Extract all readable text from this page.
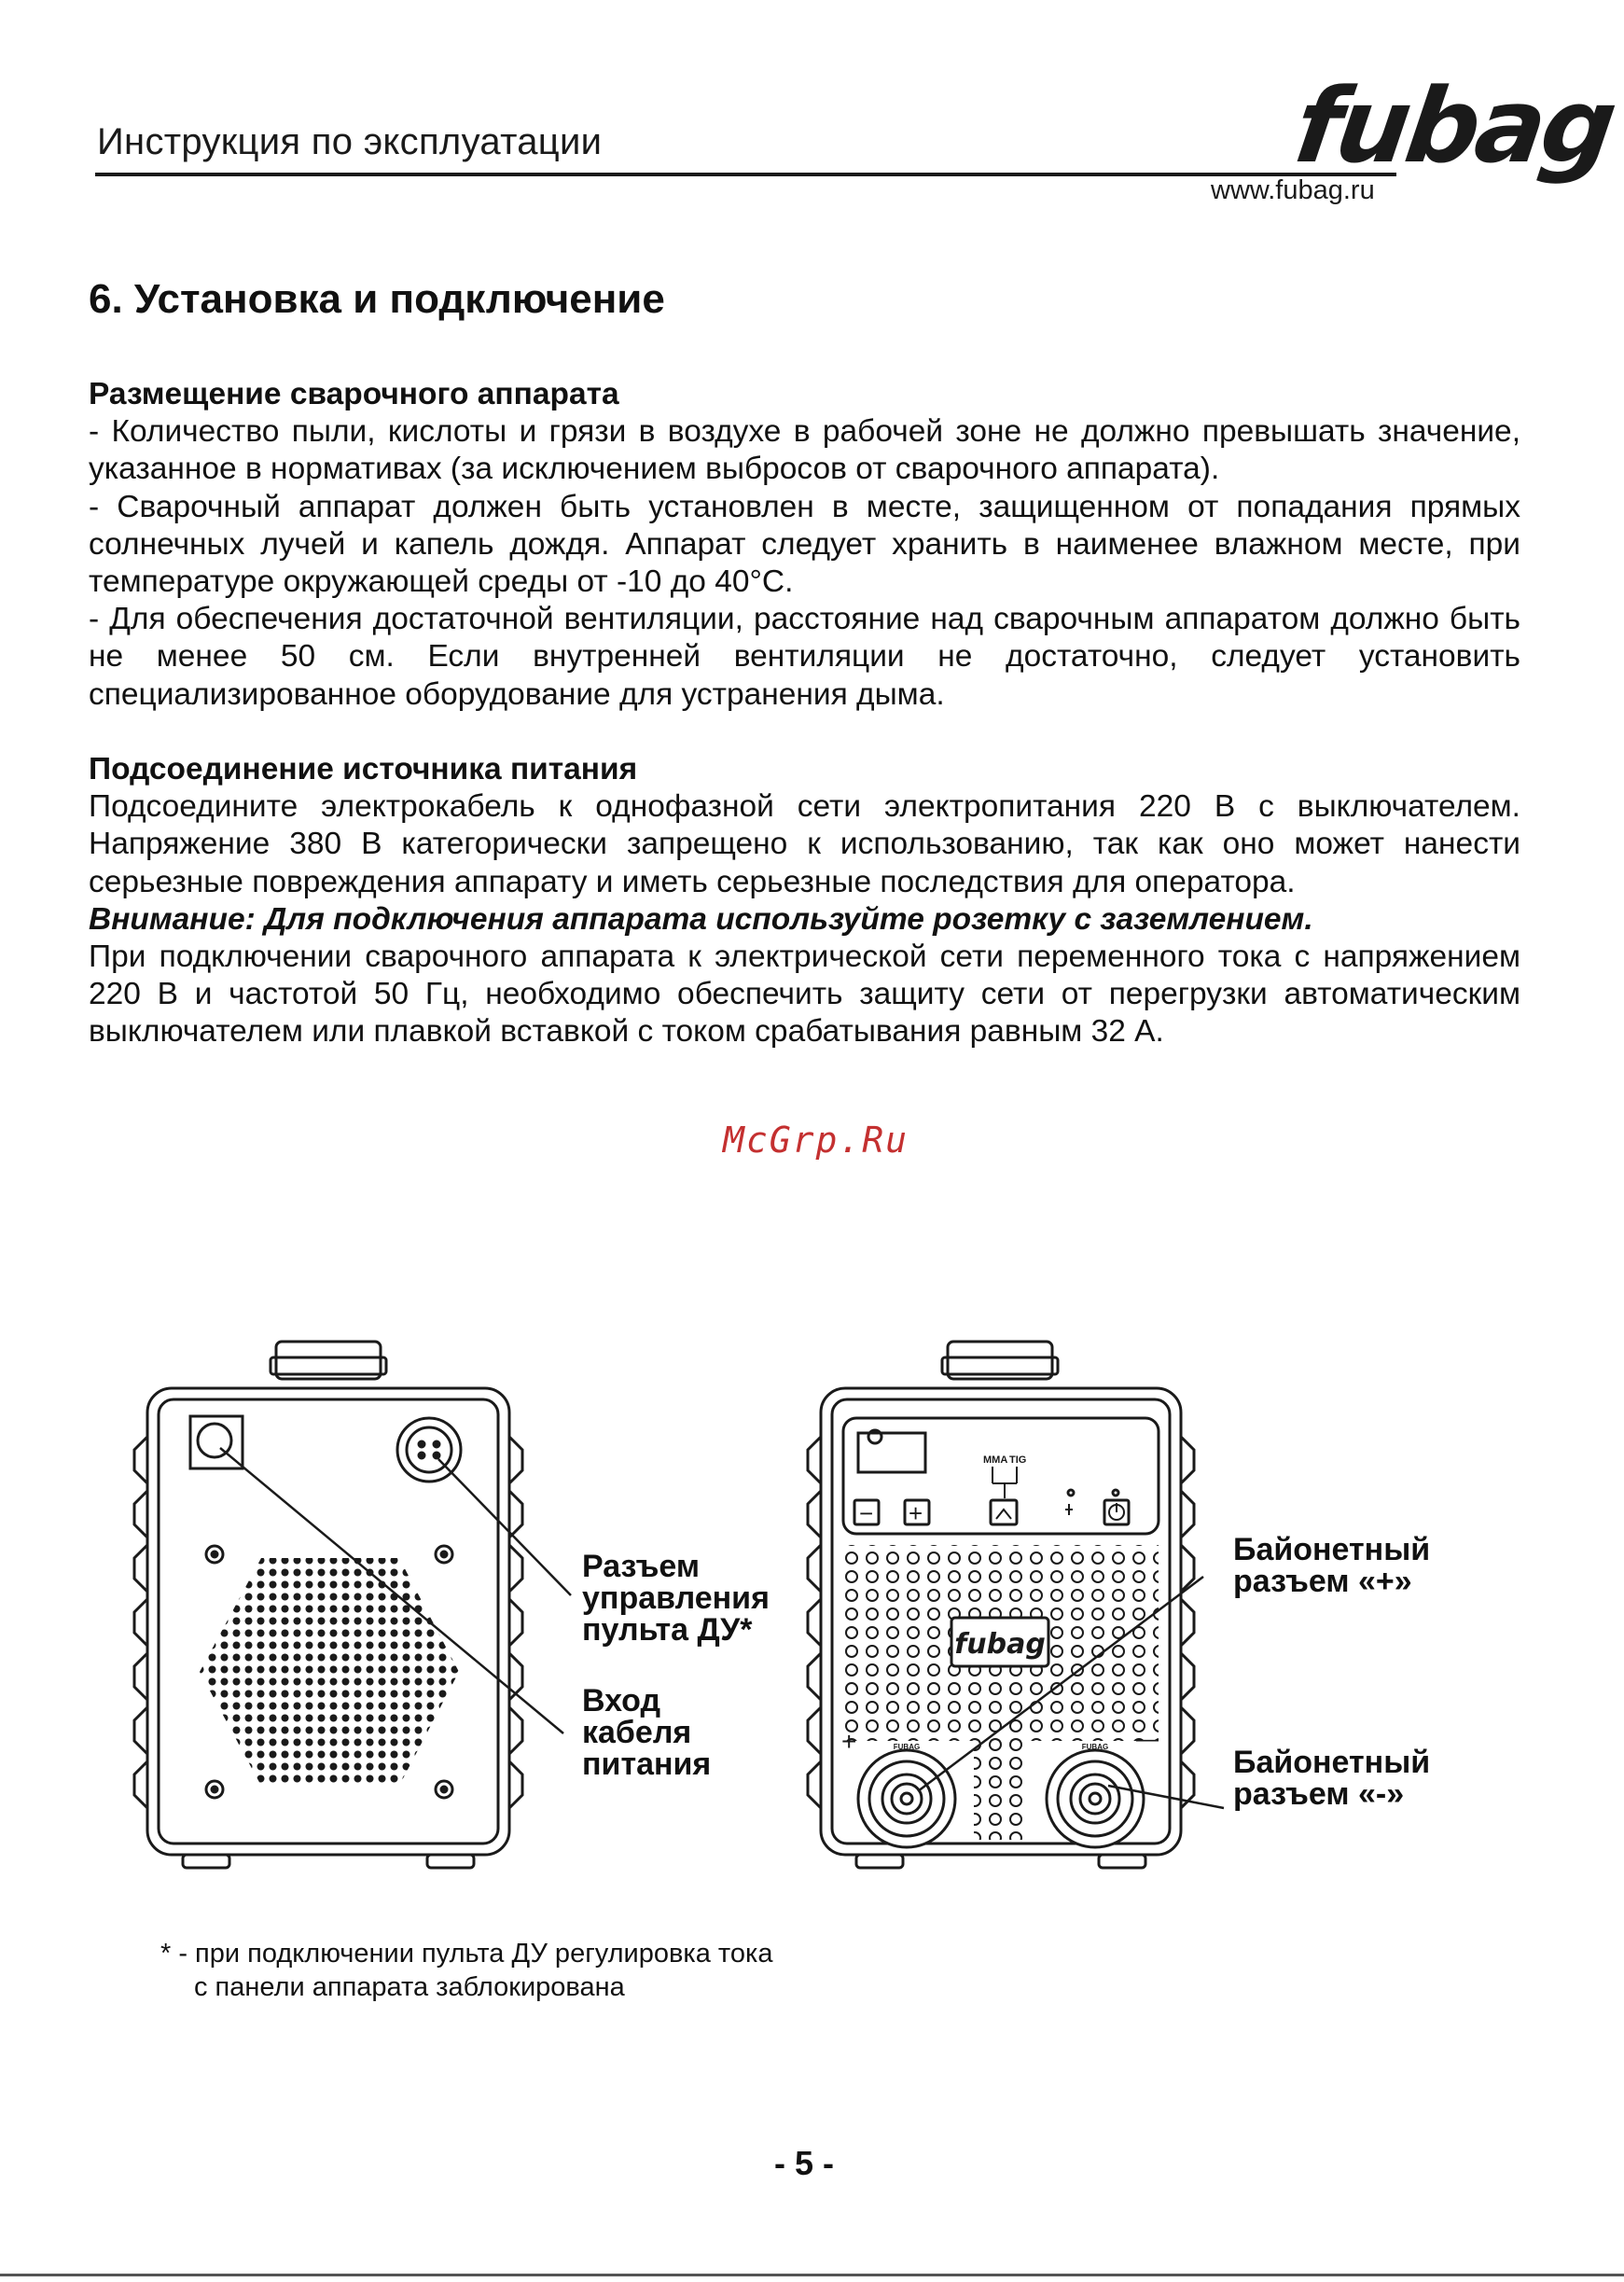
Инструкция по эксплуатации	fubag
www.fubag.ru
6. Установка и подключение

Размещение сварочного аппарата

- Количество пыли, кислоты и грязи в воздухе в рабочей зоне не должно превышать значение, указанное в нормативах (за исключением выбросов от сварочного аппарата).

- Сварочный аппарат должен быть установлен в месте, защищенном от попадания прямых солнечных лучей и капель дождя. Аппарат следует хранить в наименее влажном месте, при температуре окружающей среды от -10 до 40°С.

- Для обеспечения достаточной вентиляции, расстояние над сварочным аппаратом должно быть не менее 50 см. Если внутренней вентиляции не достаточно, следует установить специализированное оборудование для устранения дыма.

Подсоединение источника питания

Подсоедините электрокабель к однофазной сети электропитания 220 В с выключателем. Напряжение 380 В категорически запрещено к использованию, так как оно может нанести серьезные повреждения аппарату и иметь серьезные последствия для оператора.

Внимание: Для подключения аппарата используйте розетку с заземлением.

При подключении сварочного аппарата к электрической сети переменного тока с напряжением 220 В и частотой 50 Гц, необходимо обеспечить защиту сети от перегрузки автоматическим выключателем или плавкой вставкой с током срабатывания равным 32 А.

McGrp.Ru
MMA TIG
− +
fubag
FUBAG	FUBAG
+	—
Разъем
управления
пульта ДУ*
Вход
кабеля
питания
Байонетный
разъем «+»
Байонетный
разъем «-»
* - при подключении пульта ДУ регулировка тока
с панели аппарата заблокирована
- 5 -
